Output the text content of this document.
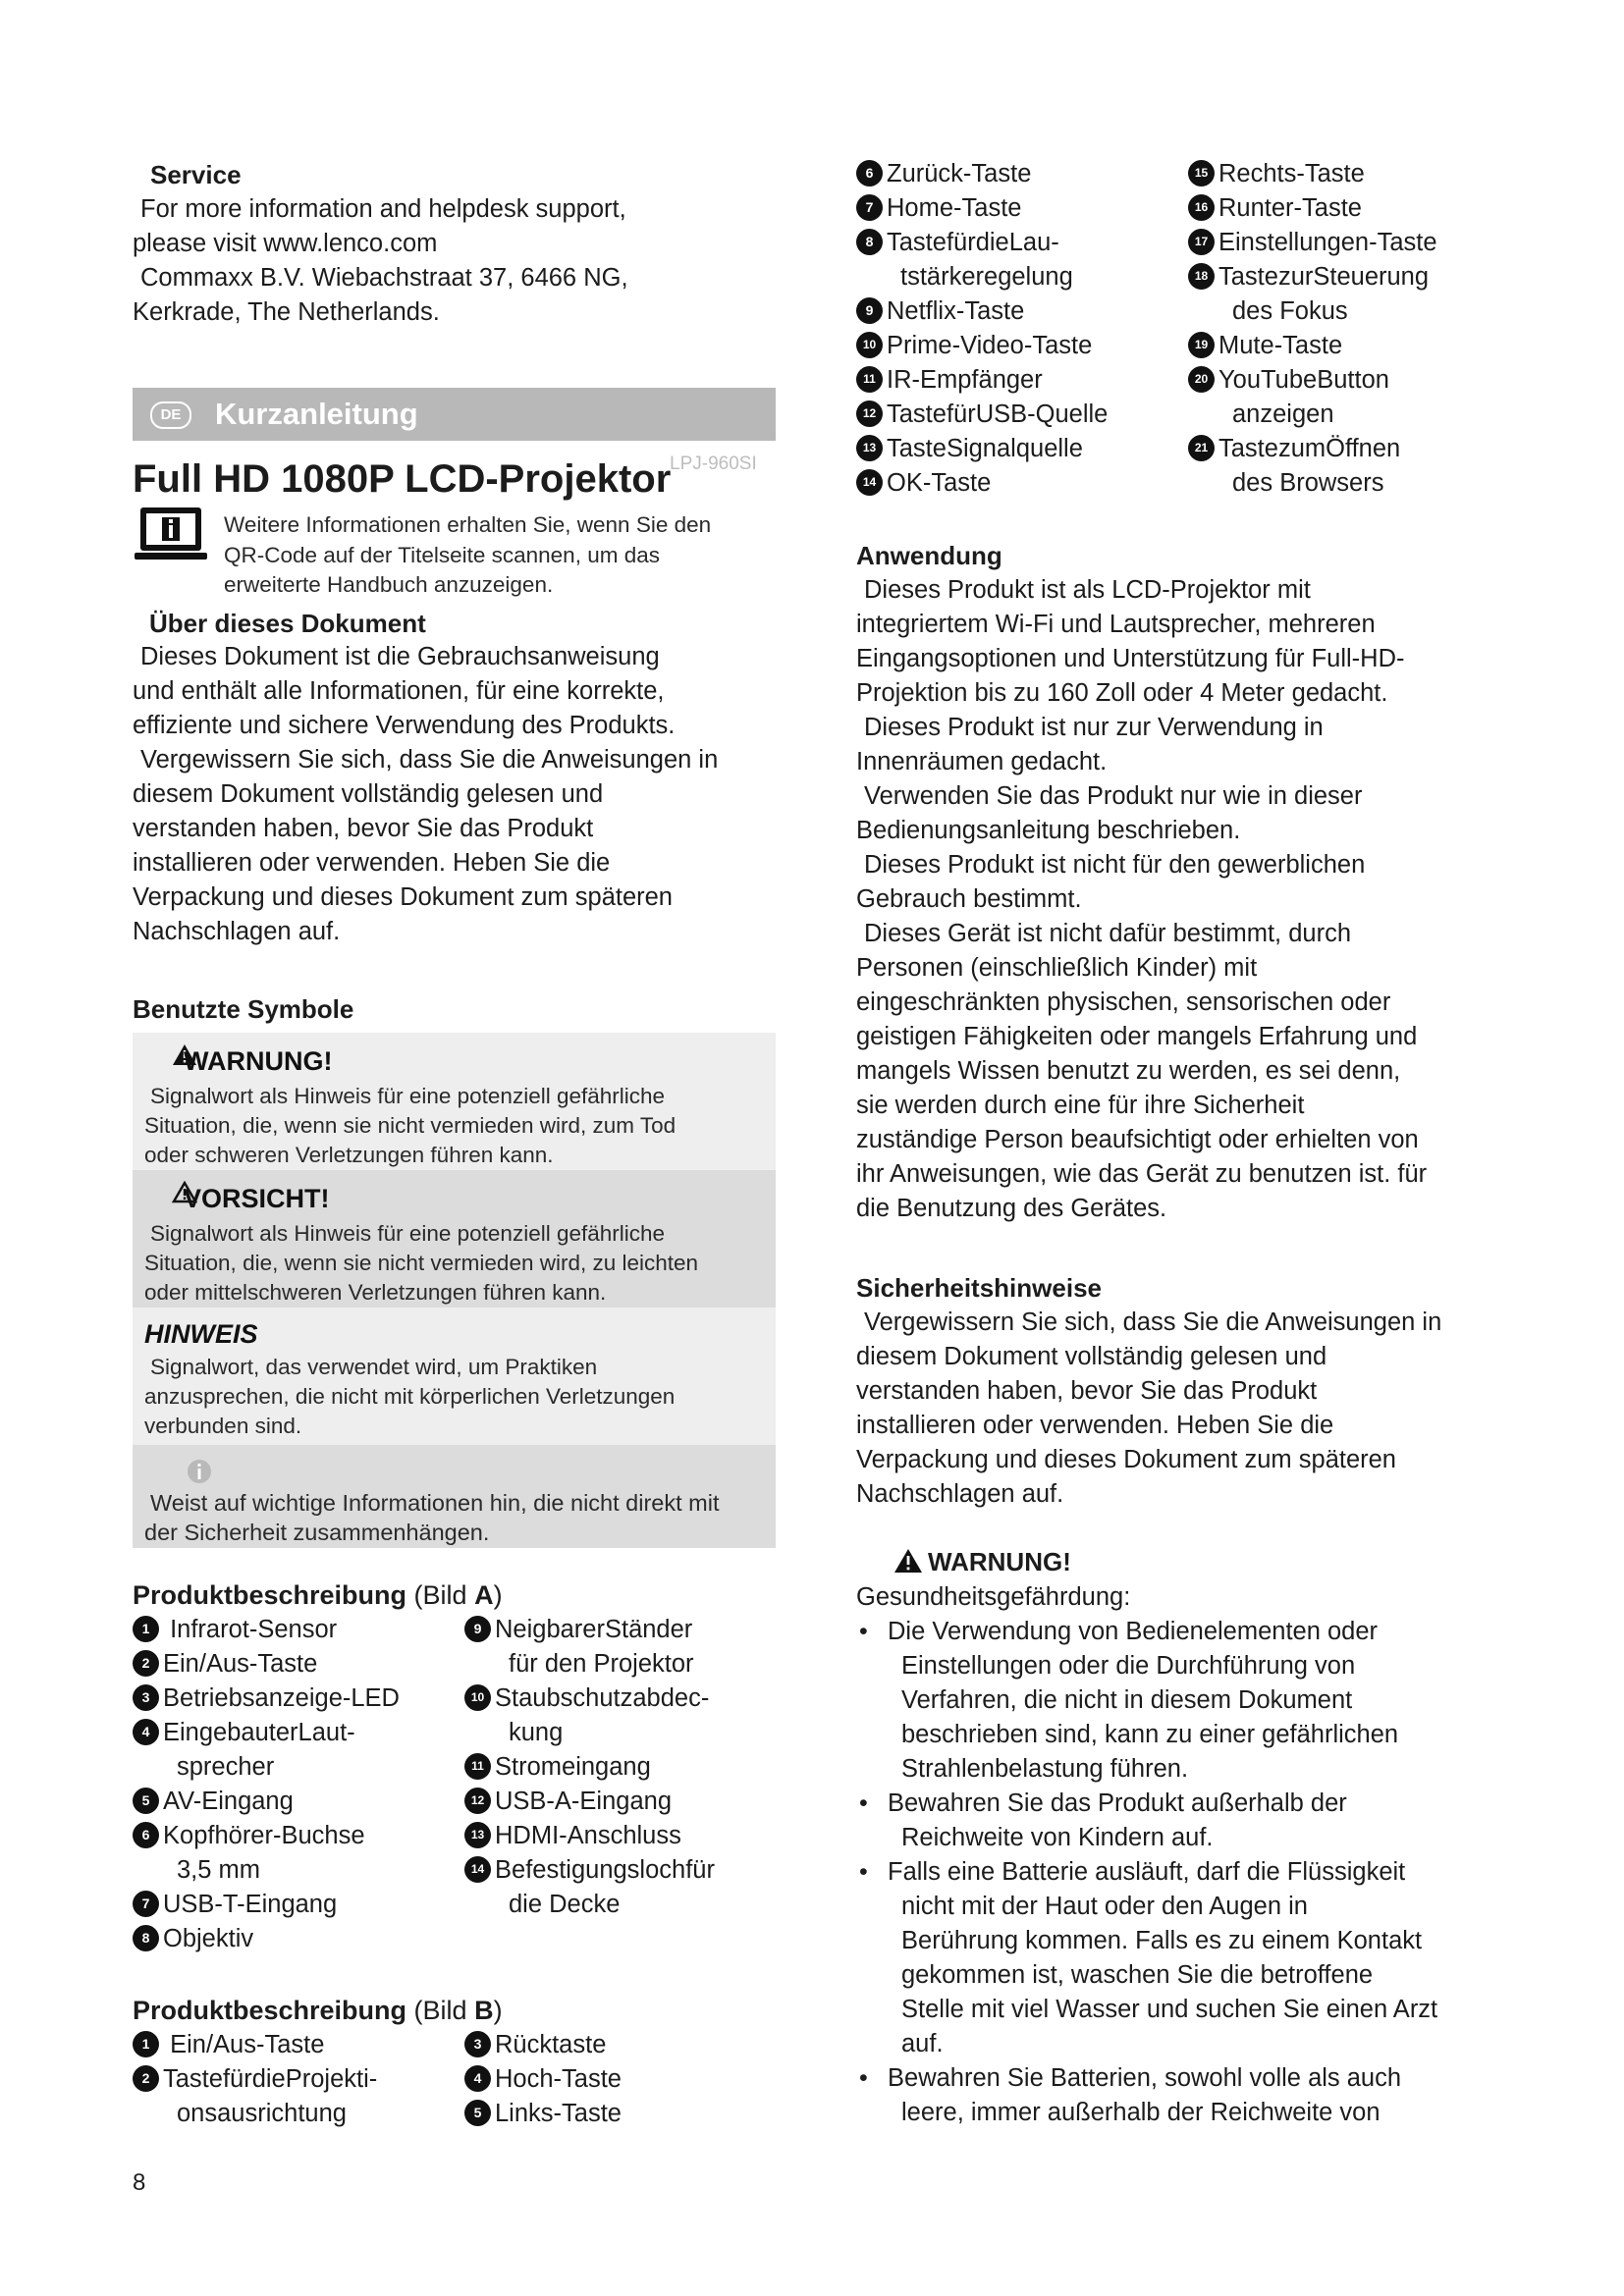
Service

For more information and helpdesk support,

please visit www.lenco.com

Commaxx B.V. Wiebachstraat 37, 6466 NG,

Kerkrade, The Netherlands.

DE	Kurzanleitung
Full HD 1080P LCD-Projektor
LPJ-960SI
Weitere Informationen erhalten Sie, wenn Sie den
QR-Code auf der Titelseite scannen, um das
erweiterte Handbuch anzuzeigen.

Über dieses Dokument

Dieses Dokument ist die Gebrauchsanweisung

und enthält alle Informationen, für eine korrekte,

effiziente und sichere Verwendung des Produkts.

Vergewissern Sie sich, dass Sie die Anweisungen in

diesem Dokument vollständig gelesen und

verstanden haben, bevor Sie das Produkt

installieren oder verwenden. Heben Sie die

Verpackung und dieses Dokument zum späteren

Nachschlagen auf.

Benutzte Symbole

WARNUNG!
Signalwort als Hinweis für eine potenziell gefährliche
Situation, die, wenn sie nicht vermieden wird, zum Tod
oder schweren Verletzungen führen kann.
VORSICHT!
Signalwort als Hinweis für eine potenziell gefährliche
Situation, die, wenn sie nicht vermieden wird, zu leichten
oder mittelschweren Verletzungen führen kann.
HINWEIS
Signalwort, das verwendet wird, um Praktiken
anzusprechen, die nicht mit körperlichen Verletzungen
verbunden sind.
Weist auf wichtige Informationen hin, die nicht direkt mit
der Sicherheit zusammenhängen.
Produktbeschreibung (Bild A)
1 Infrarot-Sensor
2 Ein/Aus-Taste
3 Betriebsanzeige-LED
4 EingebauterLaut-
sprecher
5 AV-Eingang
6 Kopfhörer-Buchse
3,5 mm
7 USB-T-Eingang
8 Objektiv
9 NeigbarerStänder
für den Projektor
10 Staubschutzabdec-
kung
11 Stromeingang
12 USB-A-Eingang
13 HDMI-Anschluss
14 Befestigungslochfür
die Decke
Produktbeschreibung (Bild B)
1 Ein/Aus-Taste
2 TastefürdieProjekti-
onsausrichtung
3 Rücktaste
4 Hoch-Taste
5 Links-Taste
6 Zurück-Taste
7 Home-Taste
8 TastefürdieLau-
tstärkeregelung
9 Netflix-Taste
10 Prime-Video-Taste
11 IR-Empfänger
12 TastefürUSB-Quelle
13 TasteSignalquelle
14 OK-Taste
15 Rechts-Taste
16 Runter-Taste
17 Einstellungen-Taste
18 TastezurSteuerung
des Fokus
19 Mute-Taste
20 YouTubeButton
anzeigen
21 TastezumÖffnen
des Browsers

Anwendung

Dieses Produkt ist als LCD-Projektor mit

integriertem Wi-Fi und Lautsprecher, mehreren

Eingangsoptionen und Unterstützung für Full-HD-

Projektion bis zu 160 Zoll oder 4 Meter gedacht.

Dieses Produkt ist nur zur Verwendung in

Innenräumen gedacht.

Verwenden Sie das Produkt nur wie in dieser

Bedienungsanleitung beschrieben.

Dieses Produkt ist nicht für den gewerblichen

Gebrauch bestimmt.

Dieses Gerät ist nicht dafür bestimmt, durch

Personen (einschließlich Kinder) mit

eingeschränkten physischen, sensorischen oder

geistigen Fähigkeiten oder mangels Erfahrung und

mangels Wissen benutzt zu werden, es sei denn,

sie werden durch eine für ihre Sicherheit

zuständige Person beaufsichtigt oder erhielten von

ihr Anweisungen, wie das Gerät zu benutzen ist. für

die Benutzung des Gerätes.

Sicherheitshinweise

Vergewissern Sie sich, dass Sie die Anweisungen in

diesem Dokument vollständig gelesen und

verstanden haben, bevor Sie das Produkt

installieren oder verwenden. Heben Sie die

Verpackung und dieses Dokument zum späteren

Nachschlagen auf.

WARNUNG!
Gesundheitsgefährdung:
• Die Verwendung von Bedienelementen oder
Einstellungen oder die Durchführung von
Verfahren, die nicht in diesem Dokument
beschrieben sind, kann zu einer gefährlichen
Strahlenbelastung führen.
• Bewahren Sie das Produkt außerhalb der
Reichweite von Kindern auf.
• Falls eine Batterie ausläuft, darf die Flüssigkeit
nicht mit der Haut oder den Augen in
Berührung kommen. Falls es zu einem Kontakt
gekommen ist, waschen Sie die betroffene
Stelle mit viel Wasser und suchen Sie einen Arzt
auf.
• Bewahren Sie Batterien, sowohl volle als auch
leere, immer außerhalb der Reichweite von
8
